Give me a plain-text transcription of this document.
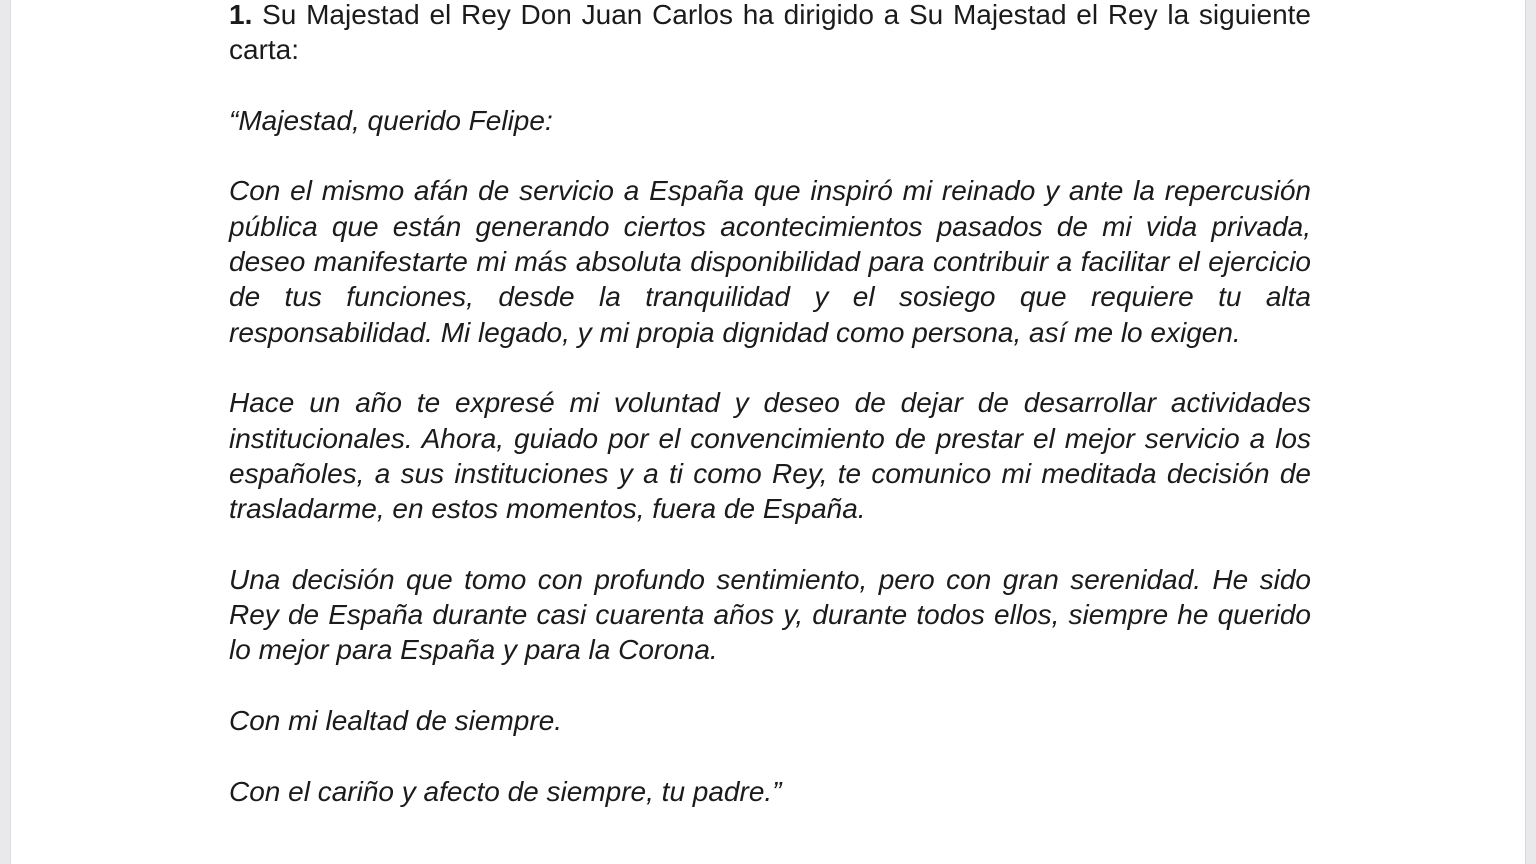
1. Su Majestad el Rey Don Juan Carlos ha dirigido a Su Majestad el Rey la siguiente carta:

“Majestad, querido Felipe:

Con el mismo afán de servicio a España que inspiró mi reinado y ante la repercusión pública que están generando ciertos acontecimientos pasados de mi vida privada, deseo manifestarte mi más absoluta disponibilidad para contribuir a facilitar el ejercicio de tus funciones, desde la tranquilidad y el sosiego que requiere tu alta responsabilidad. Mi legado, y mi propia dignidad como persona, así me lo exigen.

Hace un año te expresé mi voluntad y deseo de dejar de desarrollar actividades institucionales. Ahora, guiado por el convencimiento de prestar el mejor servicio a los españoles, a sus instituciones y a ti como Rey, te comunico mi meditada decisión de trasladarme, en estos momentos, fuera de España.

Una decisión que tomo con profundo sentimiento, pero con gran serenidad. He sido Rey de España durante casi cuarenta años y, durante todos ellos, siempre he querido lo mejor para España y para la Corona.

Con mi lealtad de siempre.

Con el cariño y afecto de siempre, tu padre.”
